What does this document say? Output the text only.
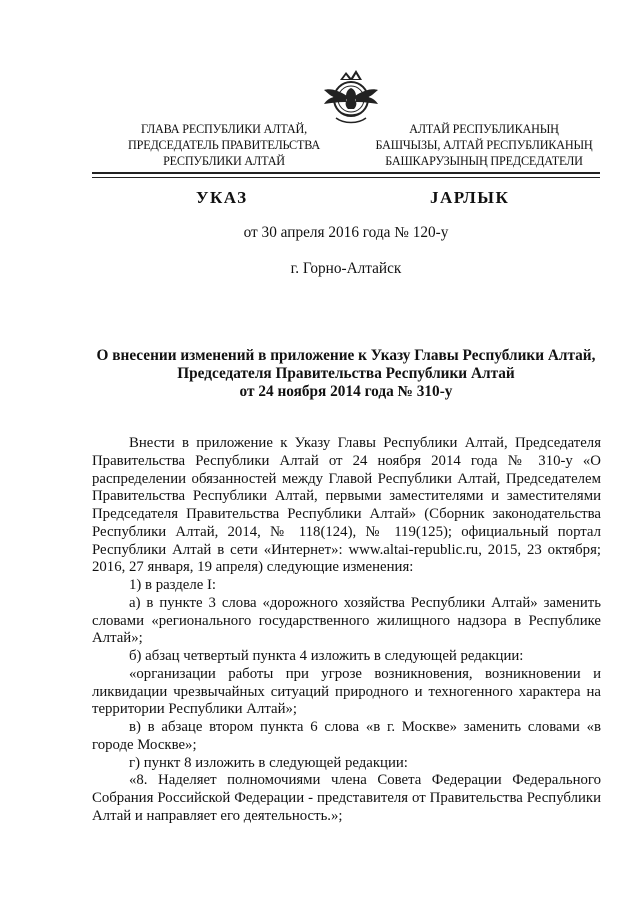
ГЛАВА РЕСПУБЛИКИ АЛТАЙ,
ПРЕДСЕДАТЕЛЬ ПРАВИТЕЛЬСТВА
РЕСПУБЛИКИ АЛТАЙ
АЛТАЙ РЕСПУБЛИКАНЫҢ
БАШЧЫЗЫ, АЛТАЙ РЕСПУБЛИКАНЫҢ
БАШКАРУЗЫНЫҢ ПРЕДСЕДАТЕЛИ
УКАЗ	JАРЛЫК
от 30 апреля 2016 года № 120-у
г. Горно-Алтайск
О внесении изменений в приложение к Указу Главы Республики Алтай,
Председателя Правительства Республики Алтай
от 24 ноября 2014 года № 310-у

Внести в приложение к Указу Главы Республики Алтай, Председателя Правительства Республики Алтай от 24 ноября 2014 года № 310-у «О распределении обязанностей между Главой Республики Алтай, Председателем Правительства Республики Алтай, первыми заместителями и заместителями Председателя Правительства Республики Алтай» (Сборник законодательства Республики Алтай, 2014, № 118(124), № 119(125); официальный портал Республики Алтай в сети «Интернет»: www.altai-republic.ru, 2015, 23 октября; 2016, 27 января, 19 апреля) следующие изменения:

1) в разделе I:

а) в пункте 3 слова «дорожного хозяйства Республики Алтай» заменить словами «регионального государственного жилищного надзора в Республике Алтай»;

б) абзац четвертый пункта 4 изложить в следующей редакции:

«организации работы при угрозе возникновения, возникновении и ликвидации чрезвычайных ситуаций природного и техногенного характера на территории Республики Алтай»;

в) в абзаце втором пункта 6 слова «в г. Москве» заменить словами «в городе Москве»;

г) пункт 8 изложить в следующей редакции:

«8. Наделяет полномочиями члена Совета Федерации Федерального Собрания Российской Федерации - представителя от Правительства Республики Алтай и направляет его деятельность.»;
